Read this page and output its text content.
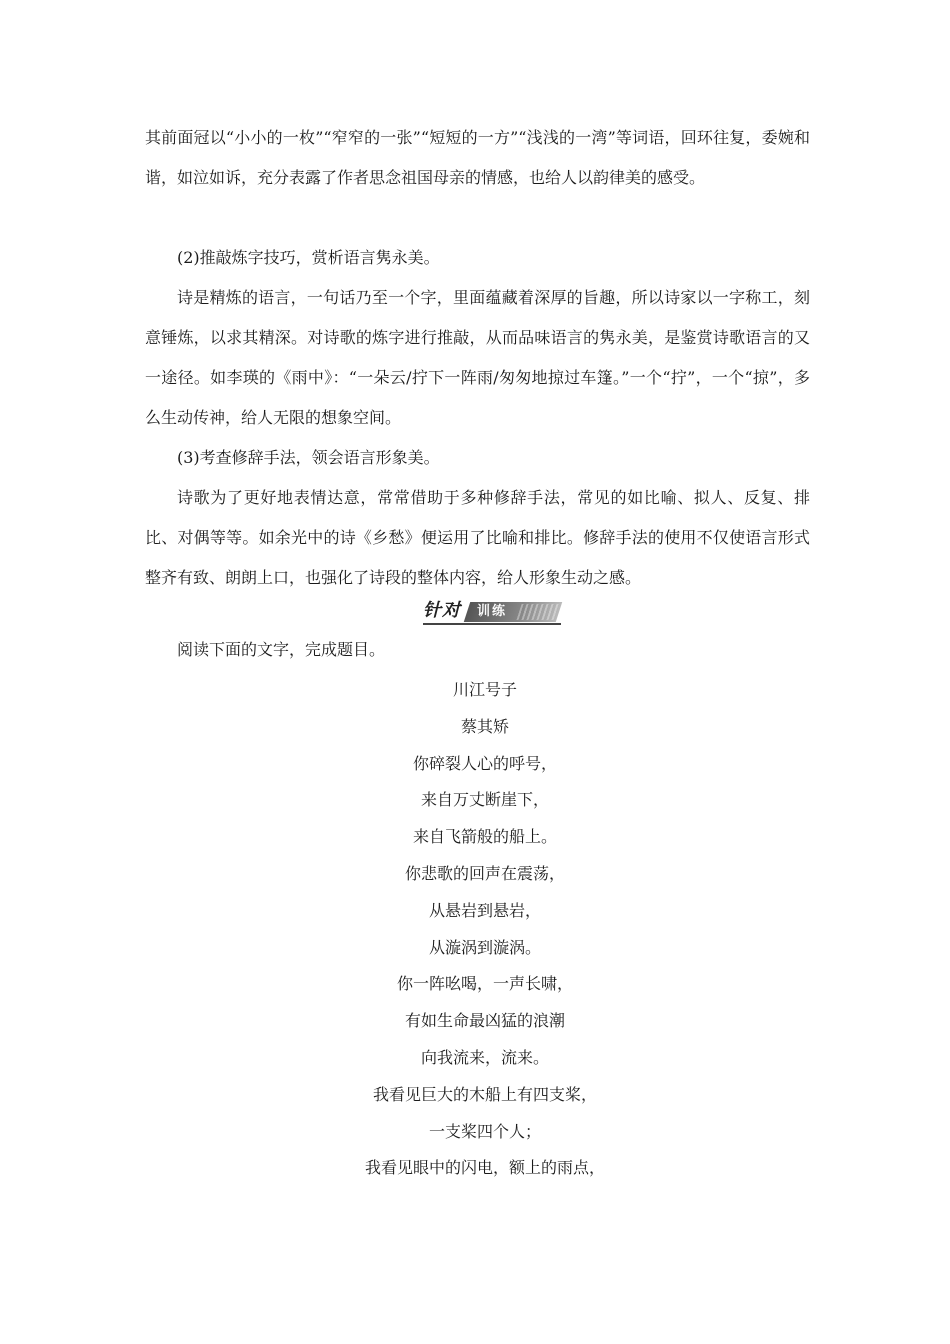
其前面冠以“小小的一枚”“窄窄的一张”“短短的一方”“浅浅的一湾”等词语，回环往复，委婉和谐，如泣如诉，充分表露了作者思念祖国母亲的情感，也给人以韵律美的感受。

(2)推敲炼字技巧，赏析语言隽永美。

诗是精炼的语言，一句话乃至一个字，里面蕴藏着深厚的旨趣，所以诗家以一字称工，刻意锤炼，以求其精深。对诗歌的炼字进行推敲，从而品味语言的隽永美，是鉴赏诗歌语言的又一途径。如李瑛的《雨中》：“一朵云/拧下一阵雨/匆匆地掠过车篷。”一个“拧”，一个“掠”，多么生动传神，给人无限的想象空间。

(3)考查修辞手法，领会语言形象美。

诗歌为了更好地表情达意，常常借助于多种修辞手法，常见的如比喻、拟人、反复、排比、对偶等等。如余光中的诗《乡愁》便运用了比喻和排比。修辞手法的使用不仅使语言形式整齐有致、朗朗上口，也强化了诗段的整体内容，给人形象生动之感。

训练
针对

阅读下面的文字，完成题目。

川江号子
蔡其矫
你碎裂人心的呼号，
来自万丈断崖下，
来自飞箭般的船上。
你悲歌的回声在震荡，
从悬岩到悬岩，
从漩涡到漩涡。
你一阵吆喝，一声长啸，
有如生命最凶猛的浪潮
向我流来，流来。
我看见巨大的木船上有四支桨，
一支桨四个人；
我看见眼中的闪电，额上的雨点，
